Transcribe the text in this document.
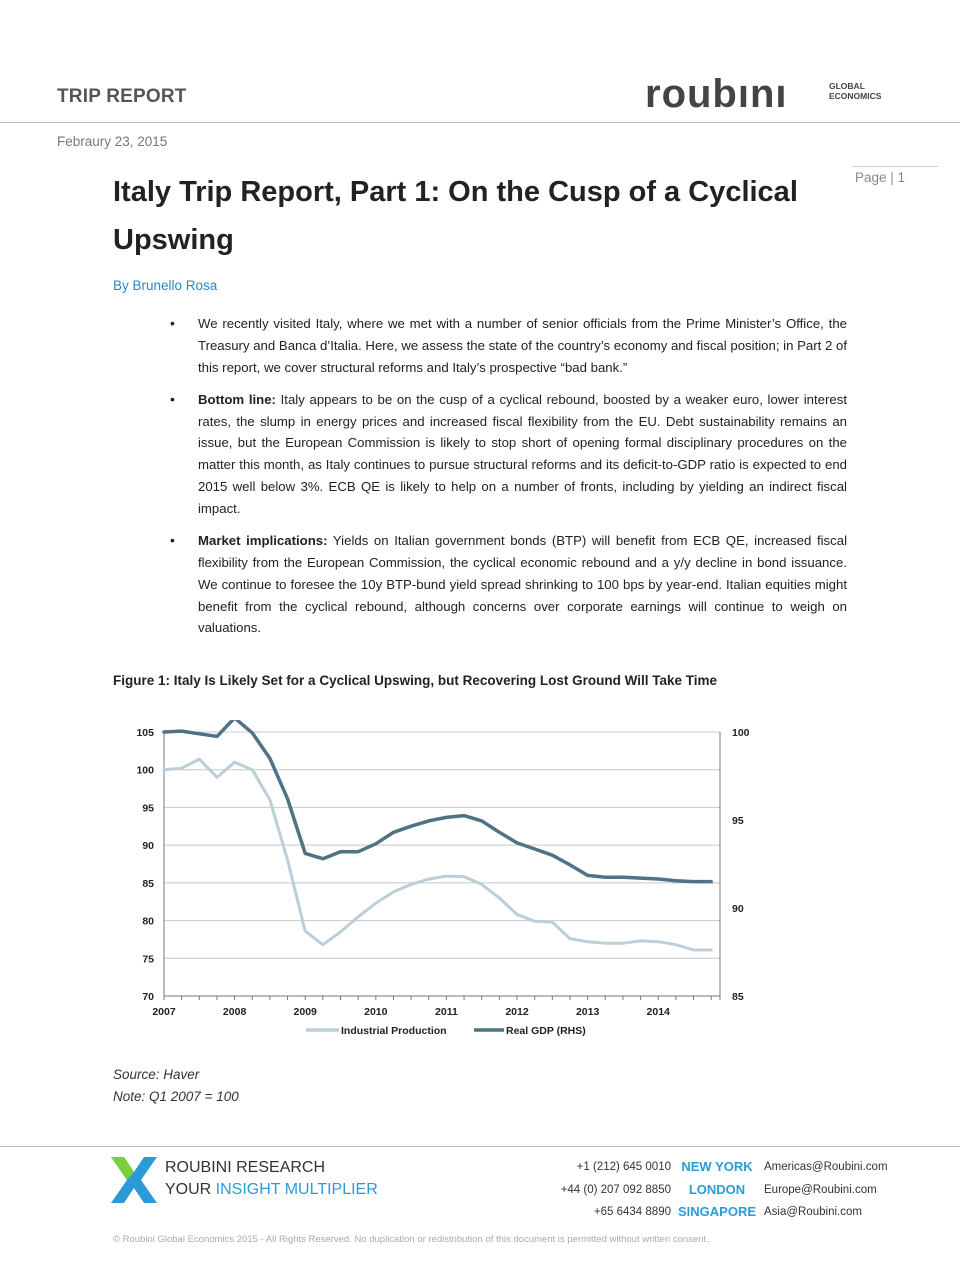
TRIP REPORT	roubını	GLOBAL
ECONOMICS
Febraury 23, 2015
Page | 1
Italy Trip Report, Part 1: On the Cusp of a Cyclical Upswing
By Brunello Rosa
• We recently visited Italy, where we met with a number of senior officials from the Prime Minister’s Office, the Treasury and Banca d’Italia. Here, we assess the state of the country’s economy and fiscal position; in Part 2 of this report, we cover structural reforms and Italy’s prospective “bad bank.”
• Bottom line: Italy appears to be on the cusp of a cyclical rebound, boosted by a weaker euro, lower interest rates, the slump in energy prices and increased fiscal flexibility from the EU. Debt sustainability remains an issue, but the European Commission is likely to stop short of opening formal disciplinary procedures on the matter this month, as Italy continues to pursue structural reforms and its deficit-to-GDP ratio is expected to end 2015 well below 3%. ECB QE is likely to help on a number of fronts, including by yielding an indirect fiscal impact.
• Market implications: Yields on Italian government bonds (BTP) will benefit from ECB QE, increased fiscal flexibility from the European Commission, the cyclical economic rebound and a y/y decline in bond issuance. We continue to foresee the 10y BTP-bund yield spread shrinking to 100 bps by year-end. Italian equities might benefit from the cyclical rebound, although concerns over corporate earnings will continue to weigh on valuations.
Figure 1: Italy Is Likely Set for a Cyclical Upswing, but Recovering Lost Ground Will Take Time
105
100
95
90
85
80
75
70
100
95
90
85
2007	2008	2009	2010	2011	2012	2013	2014
Industrial Production	Real GDP (RHS)
Source: Haver
Note: Q1 2007 = 100
ROUBINI RESEARCH
YOUR INSIGHT MULTIPLIER
+1 (212) 645 0010 NEW YORK Americas@Roubini.com
+44 (0) 207 092 8850	LONDON	Europe@Roubini.com
+65 6434 8890 SINGAPORE Asia@Roubini.com
© Roubini Global Economics 2015 - All Rights Reserved. No duplication or redistribution of this document is permitted without written consent.
